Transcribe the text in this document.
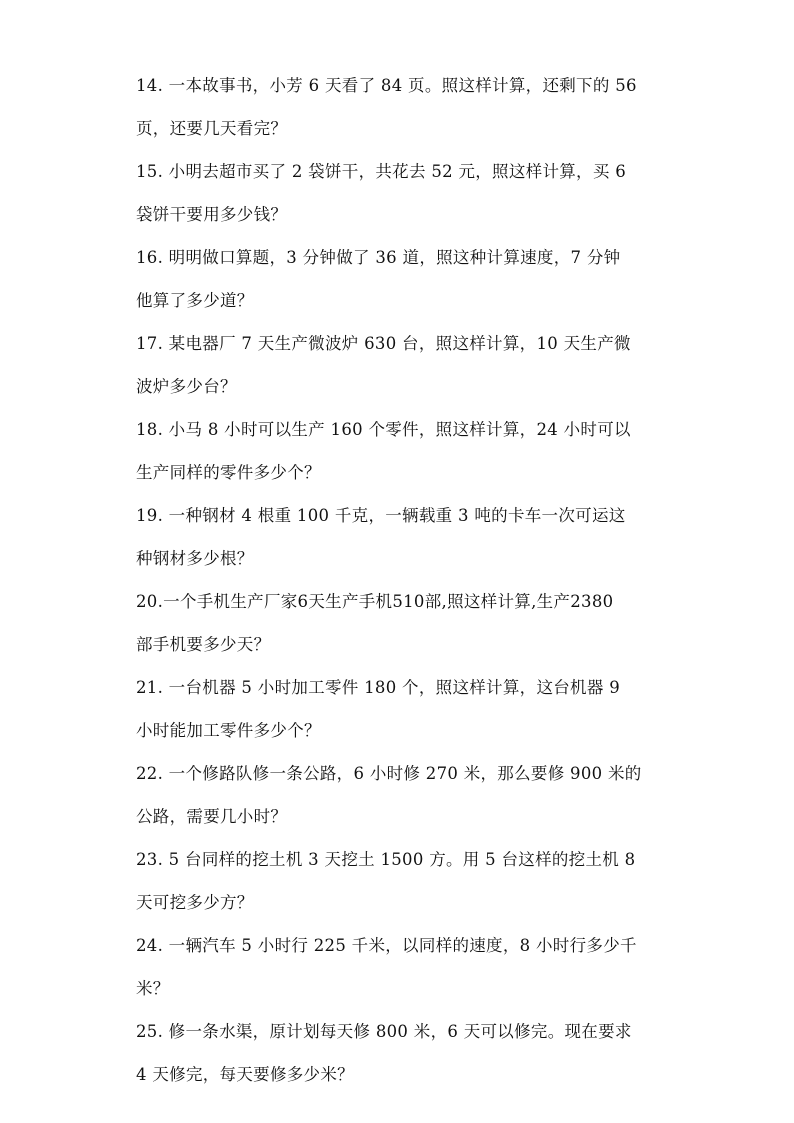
14. 一本故事书，小芳 6 天看了 84 页。照这样计算，还剩下的 56
页，还要几天看完？
15. 小明去超市买了 2 袋饼干，共花去 52 元，照这样计算，买 6
袋饼干要用多少钱？
16. 明明做口算题，3 分钟做了 36 道，照这种计算速度，7 分钟
他算了多少道？
17. 某电器厂 7 天生产微波炉 630 台，照这样计算，10 天生产微
波炉多少台？
18. 小马 8 小时可以生产 160 个零件，照这样计算，24 小时可以
生产同样的零件多少个？
19. 一种钢材 4 根重 100 千克，一辆载重 3 吨的卡车一次可运这
种钢材多少根？
20.一个手机生产厂家6天生产手机510部,照这样计算,生产2380
部手机要多少天？
21. 一台机器 5 小时加工零件 180 个，照这样计算，这台机器 9
小时能加工零件多少个？
22. 一个修路队修一条公路，6 小时修 270 米，那么要修 900 米的
公路，需要几小时？
23. 5 台同样的挖土机 3 天挖土 1500 方。用 5 台这样的挖土机 8
天可挖多少方？
24. 一辆汽车 5 小时行 225 千米，以同样的速度，8 小时行多少千
米？
25. 修一条水渠，原计划每天修 800 米，6 天可以修完。现在要求
4 天修完，每天要修多少米？
